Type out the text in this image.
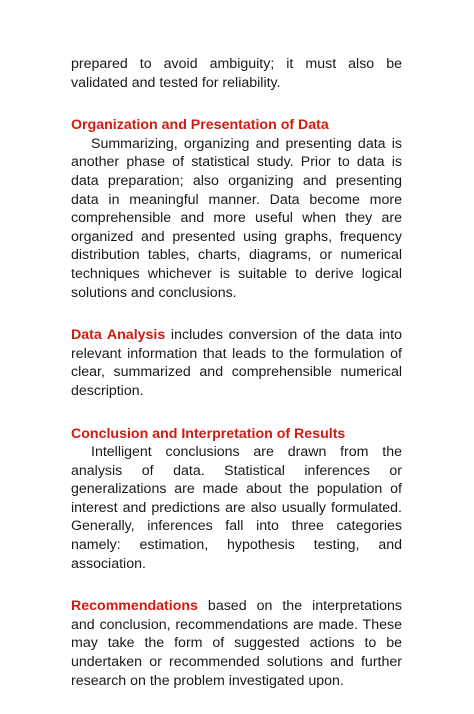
prepared to avoid ambiguity; it must also be validated and tested for reliability.

Organization and Presentation of Data

Summarizing, organizing and presenting data is another phase of statistical study. Prior to data is data preparation; also organizing and presenting data in meaningful manner. Data become more comprehensible and more useful when they are organized and presented using graphs, frequency distribution tables, charts, diagrams, or numerical techniques whichever is suitable to derive logical solutions and conclusions.

Data Analysis includes conversion of the data into relevant information that leads to the formulation of clear, summarized and comprehensible numerical description.

Conclusion and Interpretation of Results

Intelligent conclusions are drawn from the analysis of data. Statistical inferences or generalizations are made about the population of interest and predictions are also usually formulated. Generally, inferences fall into three categories namely: estimation, hypothesis testing, and association.

Recommendations based on the interpretations and conclusion, recommendations are made. These may take the form of suggested actions to be undertaken or recommended solutions and further research on the problem investigated upon.
